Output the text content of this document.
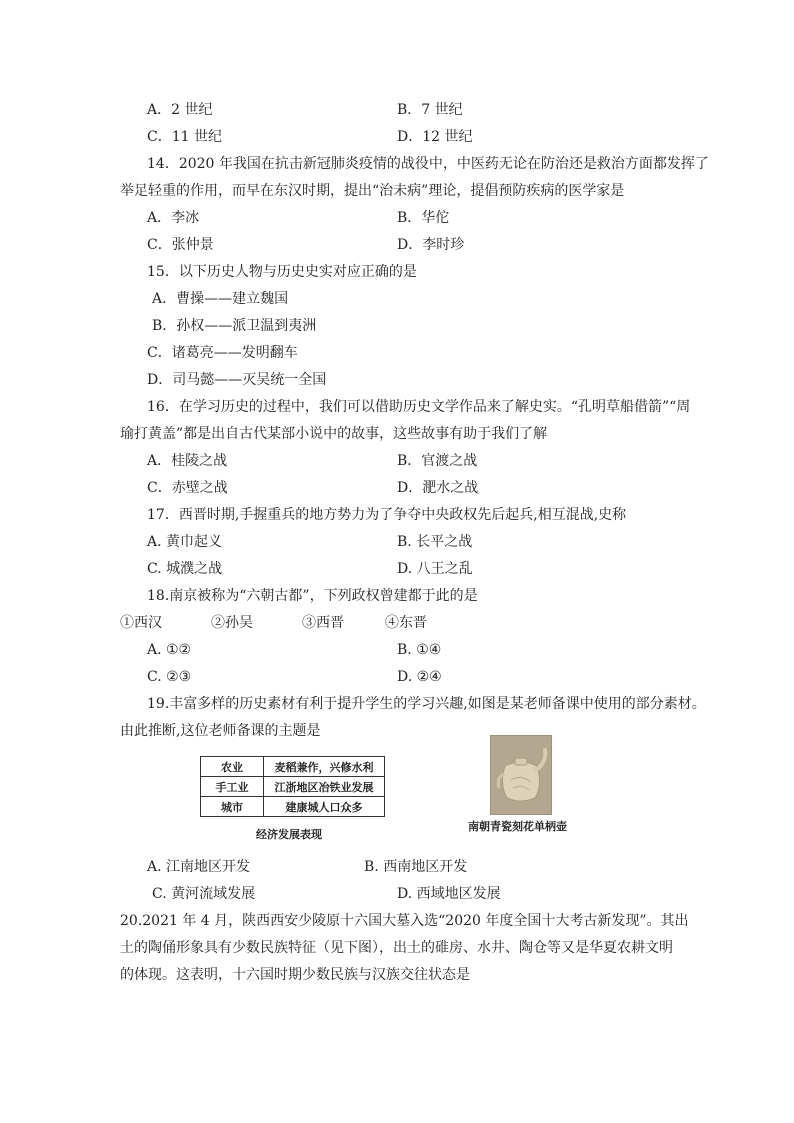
A．2 世纪	B．7 世纪
C．11 世纪	D．12 世纪
14．2020 年我国在抗击新冠肺炎疫情的战役中，中医药无论在防治还是救治方面都发挥了
举足轻重的作用，而早在东汉时期，提出“治未病”理论，提倡预防疾病的医学家是
A．李冰	B．华佗
C．张仲景	D．李时珍
15．以下历史人物与历史史实对应正确的是
A．曹操——建立魏国
B．孙权——派卫温到夷洲
C．诸葛亮——发明翻车
D．司马懿——灭吴统一全国
16．在学习历史的过程中，我们可以借助历史文学作品来了解史实。“孔明草船借箭”“周
瑜打黄盖”都是出自古代某部小说中的故事，这些故事有助于我们了解
A．桂陵之战	B．官渡之战
C．赤壁之战	D．淝水之战
17．西晋时期,手握重兵的地方势力为了争夺中央政权先后起兵,相互混战,史称
A. 黄巾起义	B. 长平之战
C. 城濮之战	D. 八王之乱
18.南京被称为“六朝古都”，下列政权曾建都于此的是
①西汉	②孙吴	③西晋	④东晋
A. ①②	B. ①④
C. ②③	D. ②④
19.丰富多样的历史素材有利于提升学生的学习兴趣,如图是某老师备课中使用的部分素材。
由此推断,这位老师备课的主题是
农业	麦稻兼作，兴修水利
手工业	江浙地区冶铁业发展
城市	建康城人口众多
经济发展表现
南朝青瓷刻花单柄壶
A. 江南地区开发	B. 西南地区开发
C. 黄河流域发展	D. 西域地区发展
20.2021 年 4 月，陕西西安少陵原十六国大墓入选“2020 年度全国十大考古新发现”。其出
土的陶俑形象具有少数民族特征（见下图），出土的碓房、水井、陶仓等又是华夏农耕文明
的体现。这表明，十六国时期少数民族与汉族交往状态是
